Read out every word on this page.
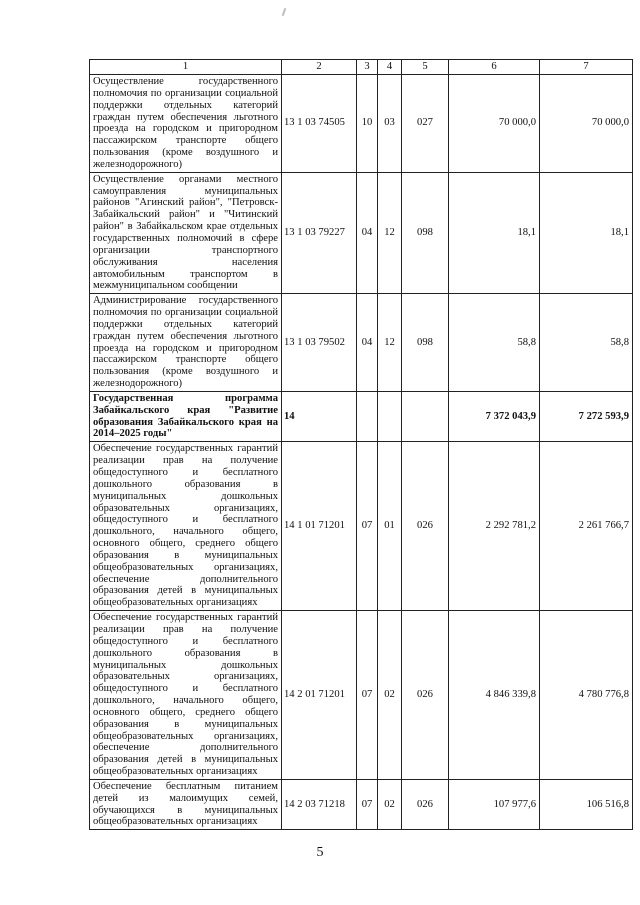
1	2	3	4	5	6	7
Осуществление государственного полномочия по организации социальной поддержки отдельных категорий граждан путем обеспечения льготного проезда на городском и пригородном пассажирском транспорте общего пользования (кроме воздушного и железнодорожного)	13 1 03 74505	10	03	027	70 000,0	70 000,0
Осуществление органами местного самоуправления муниципальных районов "Агинский район", "Петровск-Забайкальский район" и "Читинский район" в Забайкальском крае отдельных государственных полномочий в сфере организации транспортного обслуживания населения автомобильным транспортом в межмуниципальном сообщении	13 1 03 79227	04	12	098	18,1	18,1
Администрирование государственного полномочия по организации социальной поддержки отдельных категорий граждан путем обеспечения льготного проезда на городском и пригородном пассажирском транспорте общего пользования (кроме воздушного и железнодорожного)	13 1 03 79502	04	12	098	58,8	58,8
Государственная программа Забайкальского края "Развитие образования Забайкальского края на 2014–2025 годы"	14				7 372 043,9	7 272 593,9
Обеспечение государственных гарантий реализации прав на получение общедоступного и бесплатного дошкольного образования в муниципальных дошкольных образовательных организациях, общедоступного и бесплатного дошкольного, начального общего, основного общего, среднего общего образования в муниципальных общеобразовательных организациях, обеспечение дополнительного образования детей в муниципальных общеобразовательных организациях	14 1 01 71201	07	01	026	2 292 781,2	2 261 766,7
Обеспечение государственных гарантий реализации прав на получение общедоступного и бесплатного дошкольного образования в муниципальных дошкольных образовательных организациях, общедоступного и бесплатного дошкольного, начального общего, основного общего, среднего общего образования в муниципальных общеобразовательных организациях, обеспечение дополнительного образования детей в муниципальных общеобразовательных организациях	14 2 01 71201	07	02	026	4 846 339,8	4 780 776,8
Обеспечение бесплатным питанием детей из малоимущих семей, обучающихся в муниципальных общеобразовательных организациях	14 2 03 71218	07	02	026	107 977,6	106 516,8
5
